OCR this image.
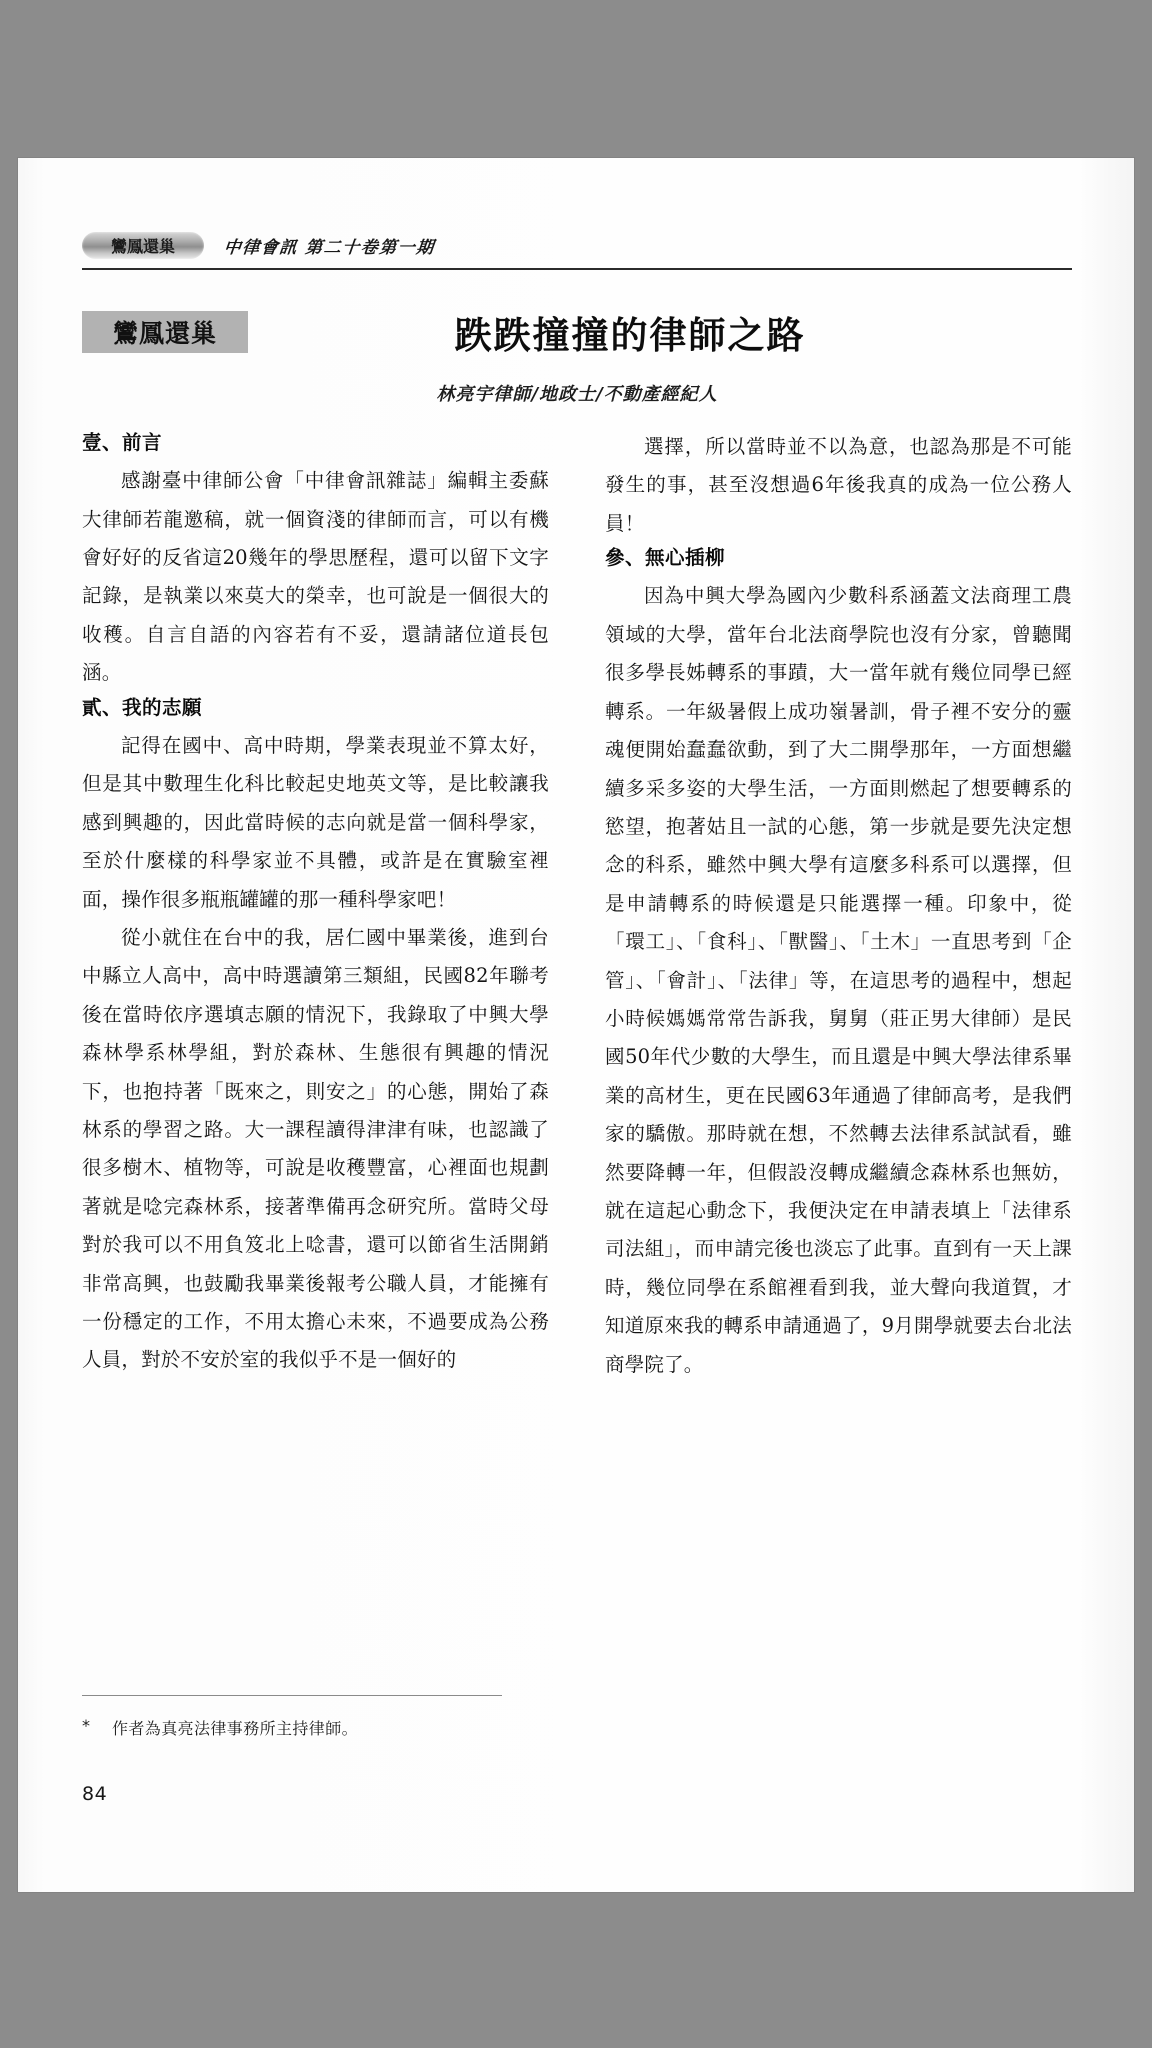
鸞鳳還巢	中律會訊 第二十卷第一期
鸞鳳還巢	跌跌撞撞的律師之路
林亮宇律師/地政士/不動產經紀人
壹、前言

感謝臺中律師公會「中律會訊雜誌」編輯主委蘇大律師若龍邀稿，就一個資淺的律師而言，可以有機會好好的反省這20幾年的學思歷程，還可以留下文字記錄，是執業以來莫大的榮幸，也可說是一個很大的收穫。自言自語的內容若有不妥，還請諸位道長包涵。

貳、我的志願

記得在國中、高中時期，學業表現並不算太好，但是其中數理生化科比較起史地英文等，是比較讓我感到興趣的，因此當時候的志向就是當一個科學家，至於什麼樣的科學家並不具體，或許是在實驗室裡面，操作很多瓶瓶罐罐的那一種科學家吧！

從小就住在台中的我，居仁國中畢業後，進到台中縣立人高中，高中時選讀第三類組，民國82年聯考後在當時依序選填志願的情況下，我錄取了中興大學森林學系林學組，對於森林、生態很有興趣的情況下，也抱持著「既來之，則安之」的心態，開始了森林系的學習之路。大一課程讀得津津有味，也認識了很多樹木、植物等，可說是收穫豐富，心裡面也規劃著就是唸完森林系，接著準備再念研究所。當時父母對於我可以不用負笈北上唸書，還可以節省生活開銷非常高興，也鼓勵我畢業後報考公職人員，才能擁有一份穩定的工作，不用太擔心未來，不過要成為公務人員，對於不安於室的我似乎不是一個好的

選擇，所以當時並不以為意，也認為那是不可能發生的事，甚至沒想過6年後我真的成為一位公務人員！

參、無心插柳

因為中興大學為國內少數科系涵蓋文法商理工農領域的大學，當年台北法商學院也沒有分家，曾聽聞很多學長姊轉系的事蹟，大一當年就有幾位同學已經轉系。一年級暑假上成功嶺暑訓，骨子裡不安分的靈魂便開始蠢蠢欲動，到了大二開學那年，一方面想繼續多采多姿的大學生活，一方面則燃起了想要轉系的慾望，抱著姑且一試的心態，第一步就是要先決定想念的科系，雖然中興大學有這麼多科系可以選擇，但是申請轉系的時候還是只能選擇一種。印象中，從「環工」、「食科」、「獸醫」、「土木」一直思考到「企管」、「會計」、「法律」等，在這思考的過程中，想起小時候媽媽常常告訴我，舅舅（莊正男大律師）是民國50年代少數的大學生，而且還是中興大學法律系畢業的高材生，更在民國63年通過了律師高考，是我們家的驕傲。那時就在想，不然轉去法律系試試看，雖然要降轉一年，但假設沒轉成繼續念森林系也無妨，就在這起心動念下，我便決定在申請表填上「法律系司法組」，而申請完後也淡忘了此事。直到有一天上課時，幾位同學在系館裡看到我，並大聲向我道賀，才知道原來我的轉系申請通過了，9月開學就要去台北法商學院了。

*	作者為真亮法律事務所主持律師。
84
